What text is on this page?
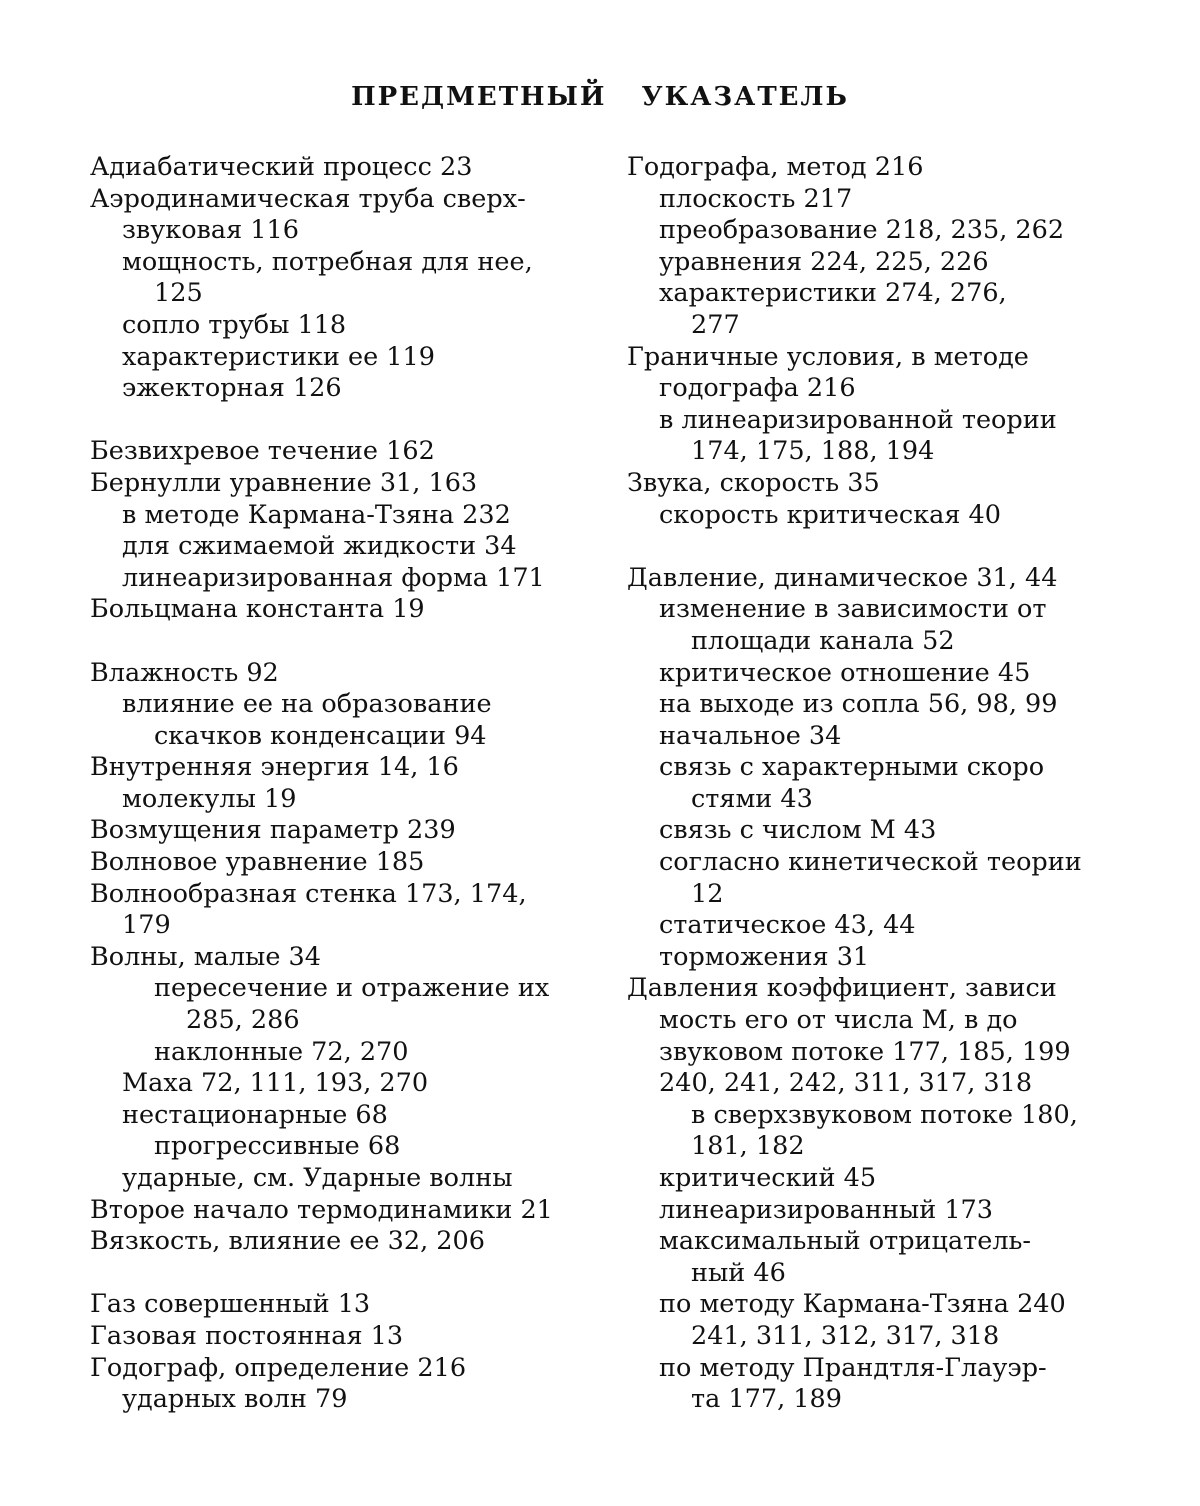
ПРЕДМЕТНЫЙ УКАЗАТЕЛЬ
Адиабатический процесс 23
Аэродинамическая труба сверх-
звуковая 116
мощность, потребная для нее,
125
сопло трубы 118
характеристики ее 119
эжекторная 126
Безвихревое течение 162
Бернулли уравнение 31, 163
в методе Кармана-Тзяна 232
для сжимаемой жидкости 34
линеаризированная форма 171
Больцмана константа 19
Влажность 92
влияние ее на образование
скачков конденсации 94
Внутренняя энергия 14, 16
молекулы 19
Возмущения параметр 239
Волновое уравнение 185
Волнообразная стенка 173, 174,
179
Волны, малые 34
пересечение и отражение их
285, 286
наклонные 72, 270
Маха 72, 111, 193, 270
нестационарные 68
прогрессивные 68
ударные, см. Ударные волны
Второе начало термодинамики 21
Вязкость, влияние ее 32, 206
Газ совершенный 13
Газовая постоянная 13
Годограф, определение 216
ударных волн 79
Годографа, метод 216
плоскость 217
преобразование 218, 235, 262
уравнения 224, 225, 226
характеристики 274, 276,
277
Граничные условия, в методе
годографа 216
в линеаризированной теории
174, 175, 188, 194
Звука, скорость 35
скорость критическая 40
Давление, динамическое 31, 44
изменение в зависимости от
площади канала 52
критическое отношение 45
на выходе из сопла 56, 98, 99
начальное 34
связь с характерными скоро
стями 43
связь с числом М 43
согласно кинетической теории
12
статическое 43, 44
торможения 31
Давления коэффициент, зависи
мость его от числа М, в до
звуковом потоке 177, 185, 199
240, 241, 242, 311, 317, 318
в сверхзвуковом потоке 180,
181, 182
критический 45
линеаризированный 173
максимальный отрицатель-
ный 46
по методу Кармана-Тзяна 240
241, 311, 312, 317, 318
по методу Прандтля-Глауэр-
та 177, 189
